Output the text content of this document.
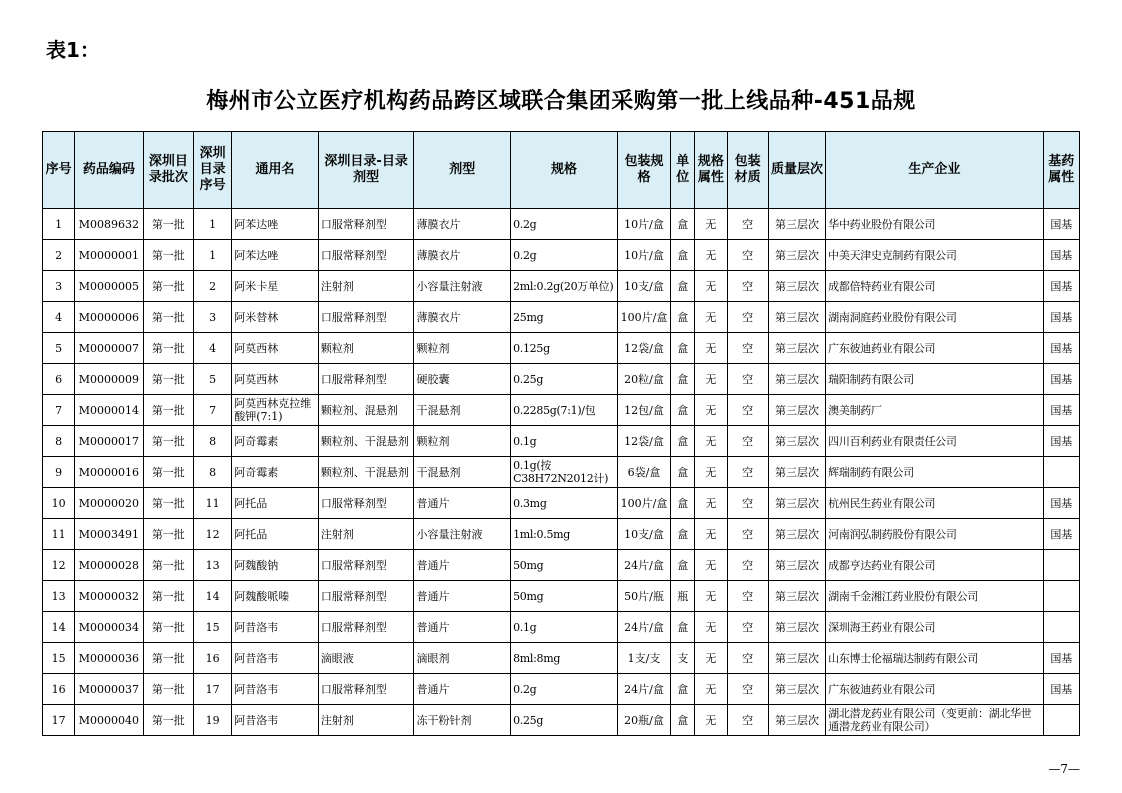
表1：
梅州市公立医疗机构药品跨区域联合集团采购第一批上线品种-451品规
序号	药品编码	深圳目录批次	深圳目录序号	通用名	深圳目录-目录剂型	剂型	规格	包装规格	单位	规格属性	包装材质	质量层次	生产企业	基药属性
1	M0089632	第一批	1	阿苯达唑	口服常释剂型	薄膜衣片	0.2g	10片/盒	盒	无	空	第三层次	华中药业股份有限公司	国基
2	M0000001	第一批	1	阿苯达唑	口服常释剂型	薄膜衣片	0.2g	10片/盒	盒	无	空	第三层次	中美天津史克制药有限公司	国基
3	M0000005	第一批	2	阿米卡星	注射剂	小容量注射液	2ml:0.2g(20万单位)	10支/盒	盒	无	空	第三层次	成都倍特药业有限公司	国基
4	M0000006	第一批	3	阿米替林	口服常释剂型	薄膜衣片	25mg	100片/盒	盒	无	空	第三层次	湖南洞庭药业股份有限公司	国基
5	M0000007	第一批	4	阿莫西林	颗粒剂	颗粒剂	0.125g	12袋/盒	盒	无	空	第三层次	广东彼迪药业有限公司	国基
6	M0000009	第一批	5	阿莫西林	口服常释剂型	硬胶囊	0.25g	20粒/盒	盒	无	空	第三层次	瑞阳制药有限公司	国基
7	M0000014	第一批	7	阿莫西林克拉维酸钾(7:1)	颗粒剂、混悬剂	干混悬剂	0.2285g(7:1)/包	12包/盒	盒	无	空	第三层次	澳美制药厂	国基
8	M0000017	第一批	8	阿奇霉素	颗粒剂、干混悬剂	颗粒剂	0.1g	12袋/盒	盒	无	空	第三层次	四川百利药业有限责任公司	国基
9	M0000016	第一批	8	阿奇霉素	颗粒剂、干混悬剂	干混悬剂	0.1g(按C38H72N2012计)	6袋/盒	盒	无	空	第三层次	辉瑞制药有限公司	
10	M0000020	第一批	11	阿托品	口服常释剂型	普通片	0.3mg	100片/盒	盒	无	空	第三层次	杭州民生药业有限公司	国基
11	M0003491	第一批	12	阿托品	注射剂	小容量注射液	1ml:0.5mg	10支/盒	盒	无	空	第三层次	河南润弘制药股份有限公司	国基
12	M0000028	第一批	13	阿魏酸钠	口服常释剂型	普通片	50mg	24片/盒	盒	无	空	第三层次	成都亨达药业有限公司	
13	M0000032	第一批	14	阿魏酸哌嗪	口服常释剂型	普通片	50mg	50片/瓶	瓶	无	空	第三层次	湖南千金湘江药业股份有限公司	
14	M0000034	第一批	15	阿昔洛韦	口服常释剂型	普通片	0.1g	24片/盒	盒	无	空	第三层次	深圳海王药业有限公司	
15	M0000036	第一批	16	阿昔洛韦	滴眼液	滴眼剂	8ml:8mg	1支/支	支	无	空	第三层次	山东博士伦福瑞达制药有限公司	国基
16	M0000037	第一批	17	阿昔洛韦	口服常释剂型	普通片	0.2g	24片/盒	盒	无	空	第三层次	广东彼迪药业有限公司	国基
17	M0000040	第一批	19	阿昔洛韦	注射剂	冻干粉针剂	0.25g	20瓶/盒	盒	无	空	第三层次	湖北潜龙药业有限公司（变更前：湖北华世通潜龙药业有限公司）	
—7—
